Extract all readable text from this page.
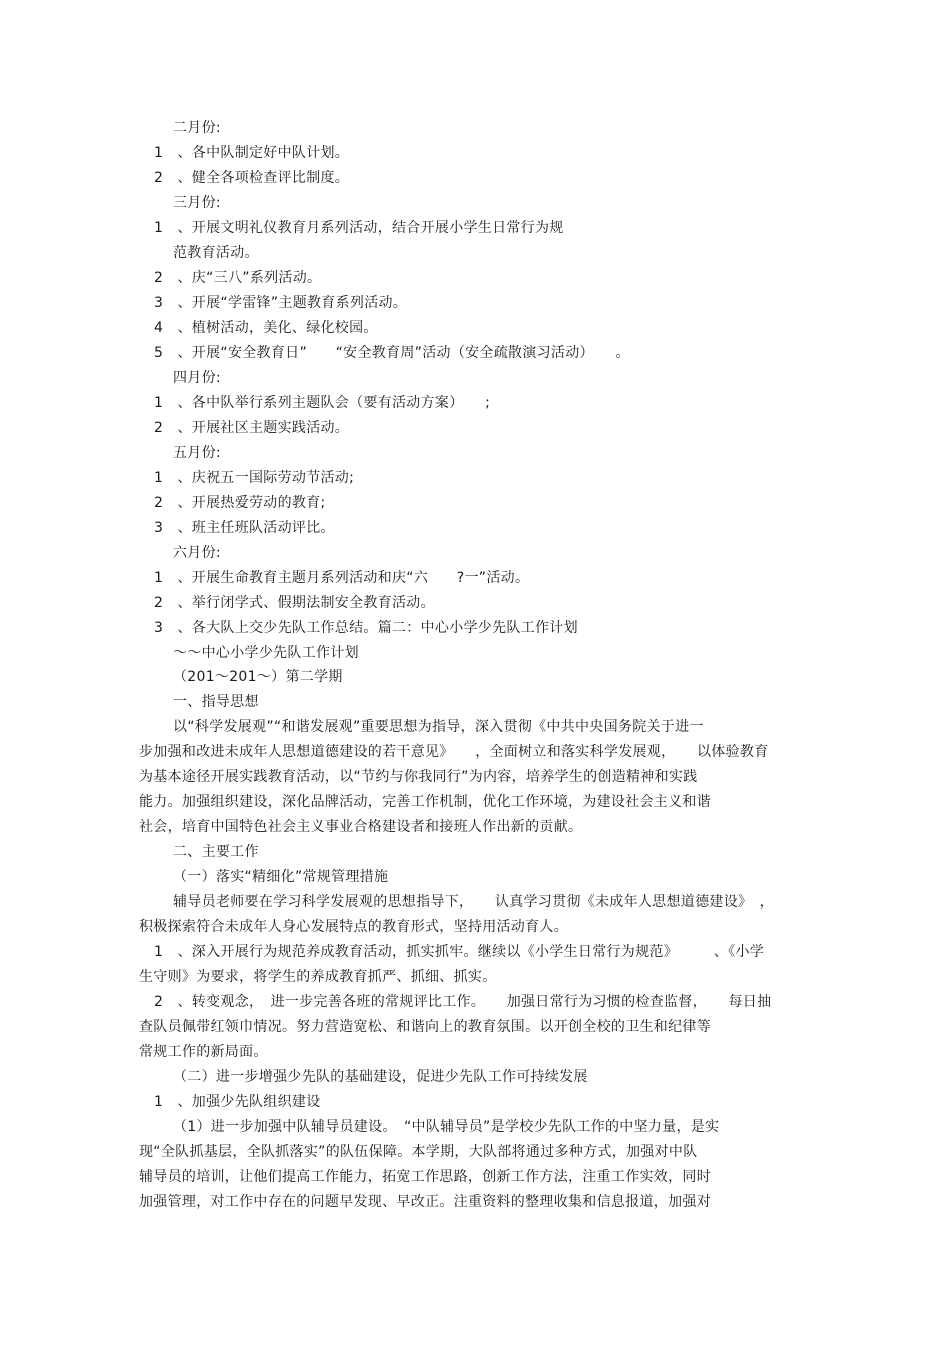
二月份:
1　、各中队制定好中队计划。
2　、健全各项检查评比制度。
三月份:
1　、开展文明礼仪教育月系列活动，结合开展小学生日常行为规
范教育活动。
2　、庆“三八”系列活动。
3　、开展“学雷锋”主题教育系列活动。
4　、植树活动，美化、绿化校园。
5　、开展“安全教育日”　　“安全教育周”活动（安全疏散演习活动）　　。
四月份:
1　、各中队举行系列主题队会（要有活动方案）　　;
2　、开展社区主题实践活动。
五月份:
1　、庆祝五一国际劳动节活动;
2　、开展热爱劳动的教育;
3　、班主任班队活动评比。
六月份:
1　、开展生命教育主题月系列活动和庆“六　　?一”活动。
2　、举行闭学式、假期法制安全教育活动。
3　、各大队上交少先队工作总结。篇二：中心小学少先队工作计划
～～中心小学少先队工作计划
（201～201～）第二学期
一、指导思想
以“科学发展观”“和谐发展观”重要思想为指导，深入贯彻《中共中央国务院关于进一
步加强和改进未成年人思想道德建设的若干意见》　　，全面树立和落实科学发展观，　　以体验教育
为基本途径开展实践教育活动，以“节约与你我同行”为内容，培养学生的创造精神和实践
能力。加强组织建设，深化品牌活动，完善工作机制，优化工作环境，为建设社会主义和谐
社会，培育中国特色社会主义事业合格建设者和接班人作出新的贡献。
二、主要工作
（一）落实“精细化”常规管理措施
辅导员老师要在学习科学发展观的思想指导下，　　认真学习贯彻《未成年人思想道德建设》　，
积极探索符合未成年人身心发展特点的教育形式，坚持用活动育人。
1　、深入开展行为规范养成教育活动，抓实抓牢。继续以《小学生日常行为规范》　　　、《小学
生守则》为要求，将学生的养成教育抓严、抓细、抓实。
2　、转变观念，　进一步完善各班的常规评比工作。　　加强日常行为习惯的检查监督，　　每日抽
查队员佩带红领巾情况。努力营造宽松、和谐向上的教育氛围。以开创全校的卫生和纪律等
常规工作的新局面。
（二）进一步增强少先队的基础建设，促进少先队工作可持续发展
1　、加强少先队组织建设
（1）进一步加强中队辅导员建设。　“中队辅导员”是学校少先队工作的中坚力量，是实
现“全队抓基层，全队抓落实”的队伍保障。本学期，大队部将通过多种方式，加强对中队
辅导员的培训，让他们提高工作能力，拓宽工作思路，创新工作方法，注重工作实效，同时
加强管理，对工作中存在的问题早发现、早改正。注重资料的整理收集和信息报道，加强对
